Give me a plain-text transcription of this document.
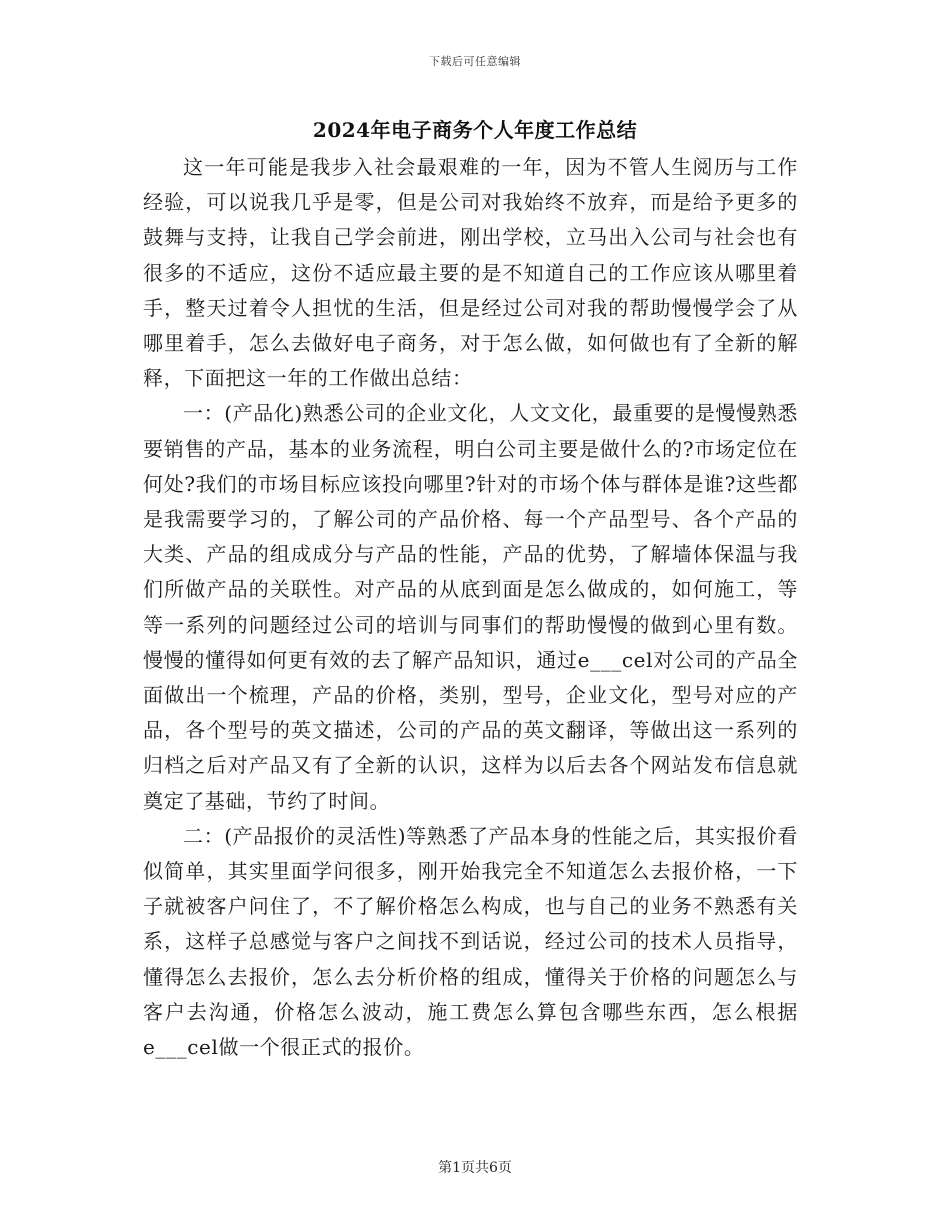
下载后可任意编辑
2024年电子商务个人年度工作总结

这一年可能是我步入社会最艰难的一年，因为不管人生阅历与工作经验，可以说我几乎是零，但是公司对我始终不放弃，而是给予更多的鼓舞与支持，让我自己学会前进，刚出学校，立马出入公司与社会也有很多的不适应，这份不适应最主要的是不知道自己的工作应该从哪里着手，整天过着令人担忧的生活，但是经过公司对我的帮助慢慢学会了从哪里着手，怎么去做好电子商务，对于怎么做，如何做也有了全新的解释，下面把这一年的工作做出总结：

一：(产品化)熟悉公司的企业文化，人文文化，最重要的是慢慢熟悉要销售的产品，基本的业务流程，明白公司主要是做什么的?市场定位在何处?我们的市场目标应该投向哪里?针对的市场个体与群体是谁?这些都是我需要学习的，了解公司的产品价格、每一个产品型号、各个产品的大类、产品的组成成分与产品的性能，产品的优势，了解墙体保温与我们所做产品的关联性。对产品的从底到面是怎么做成的，如何施工，等等一系列的问题经过公司的培训与同事们的帮助慢慢的做到心里有数。慢慢的懂得如何更有效的去了解产品知识，通过e___cel对公司的产品全面做出一个梳理，产品的价格，类别，型号，企业文化，型号对应的产品，各个型号的英文描述，公司的产品的英文翻译，等做出这一系列的归档之后对产品又有了全新的认识，这样为以后去各个网站发布信息就奠定了基础，节约了时间。

二：(产品报价的灵活性)等熟悉了产品本身的性能之后，其实报价看似简单，其实里面学问很多，刚开始我完全不知道怎么去报价格，一下子就被客户问住了，不了解价格怎么构成，也与自己的业务不熟悉有关系，这样子总感觉与客户之间找不到话说，经过公司的技术人员指导，懂得怎么去报价，怎么去分析价格的组成，懂得关于价格的问题怎么与客户去沟通，价格怎么波动，施工费怎么算包含哪些东西，怎么根据e___cel做一个很正式的报价。

第1页共6页
